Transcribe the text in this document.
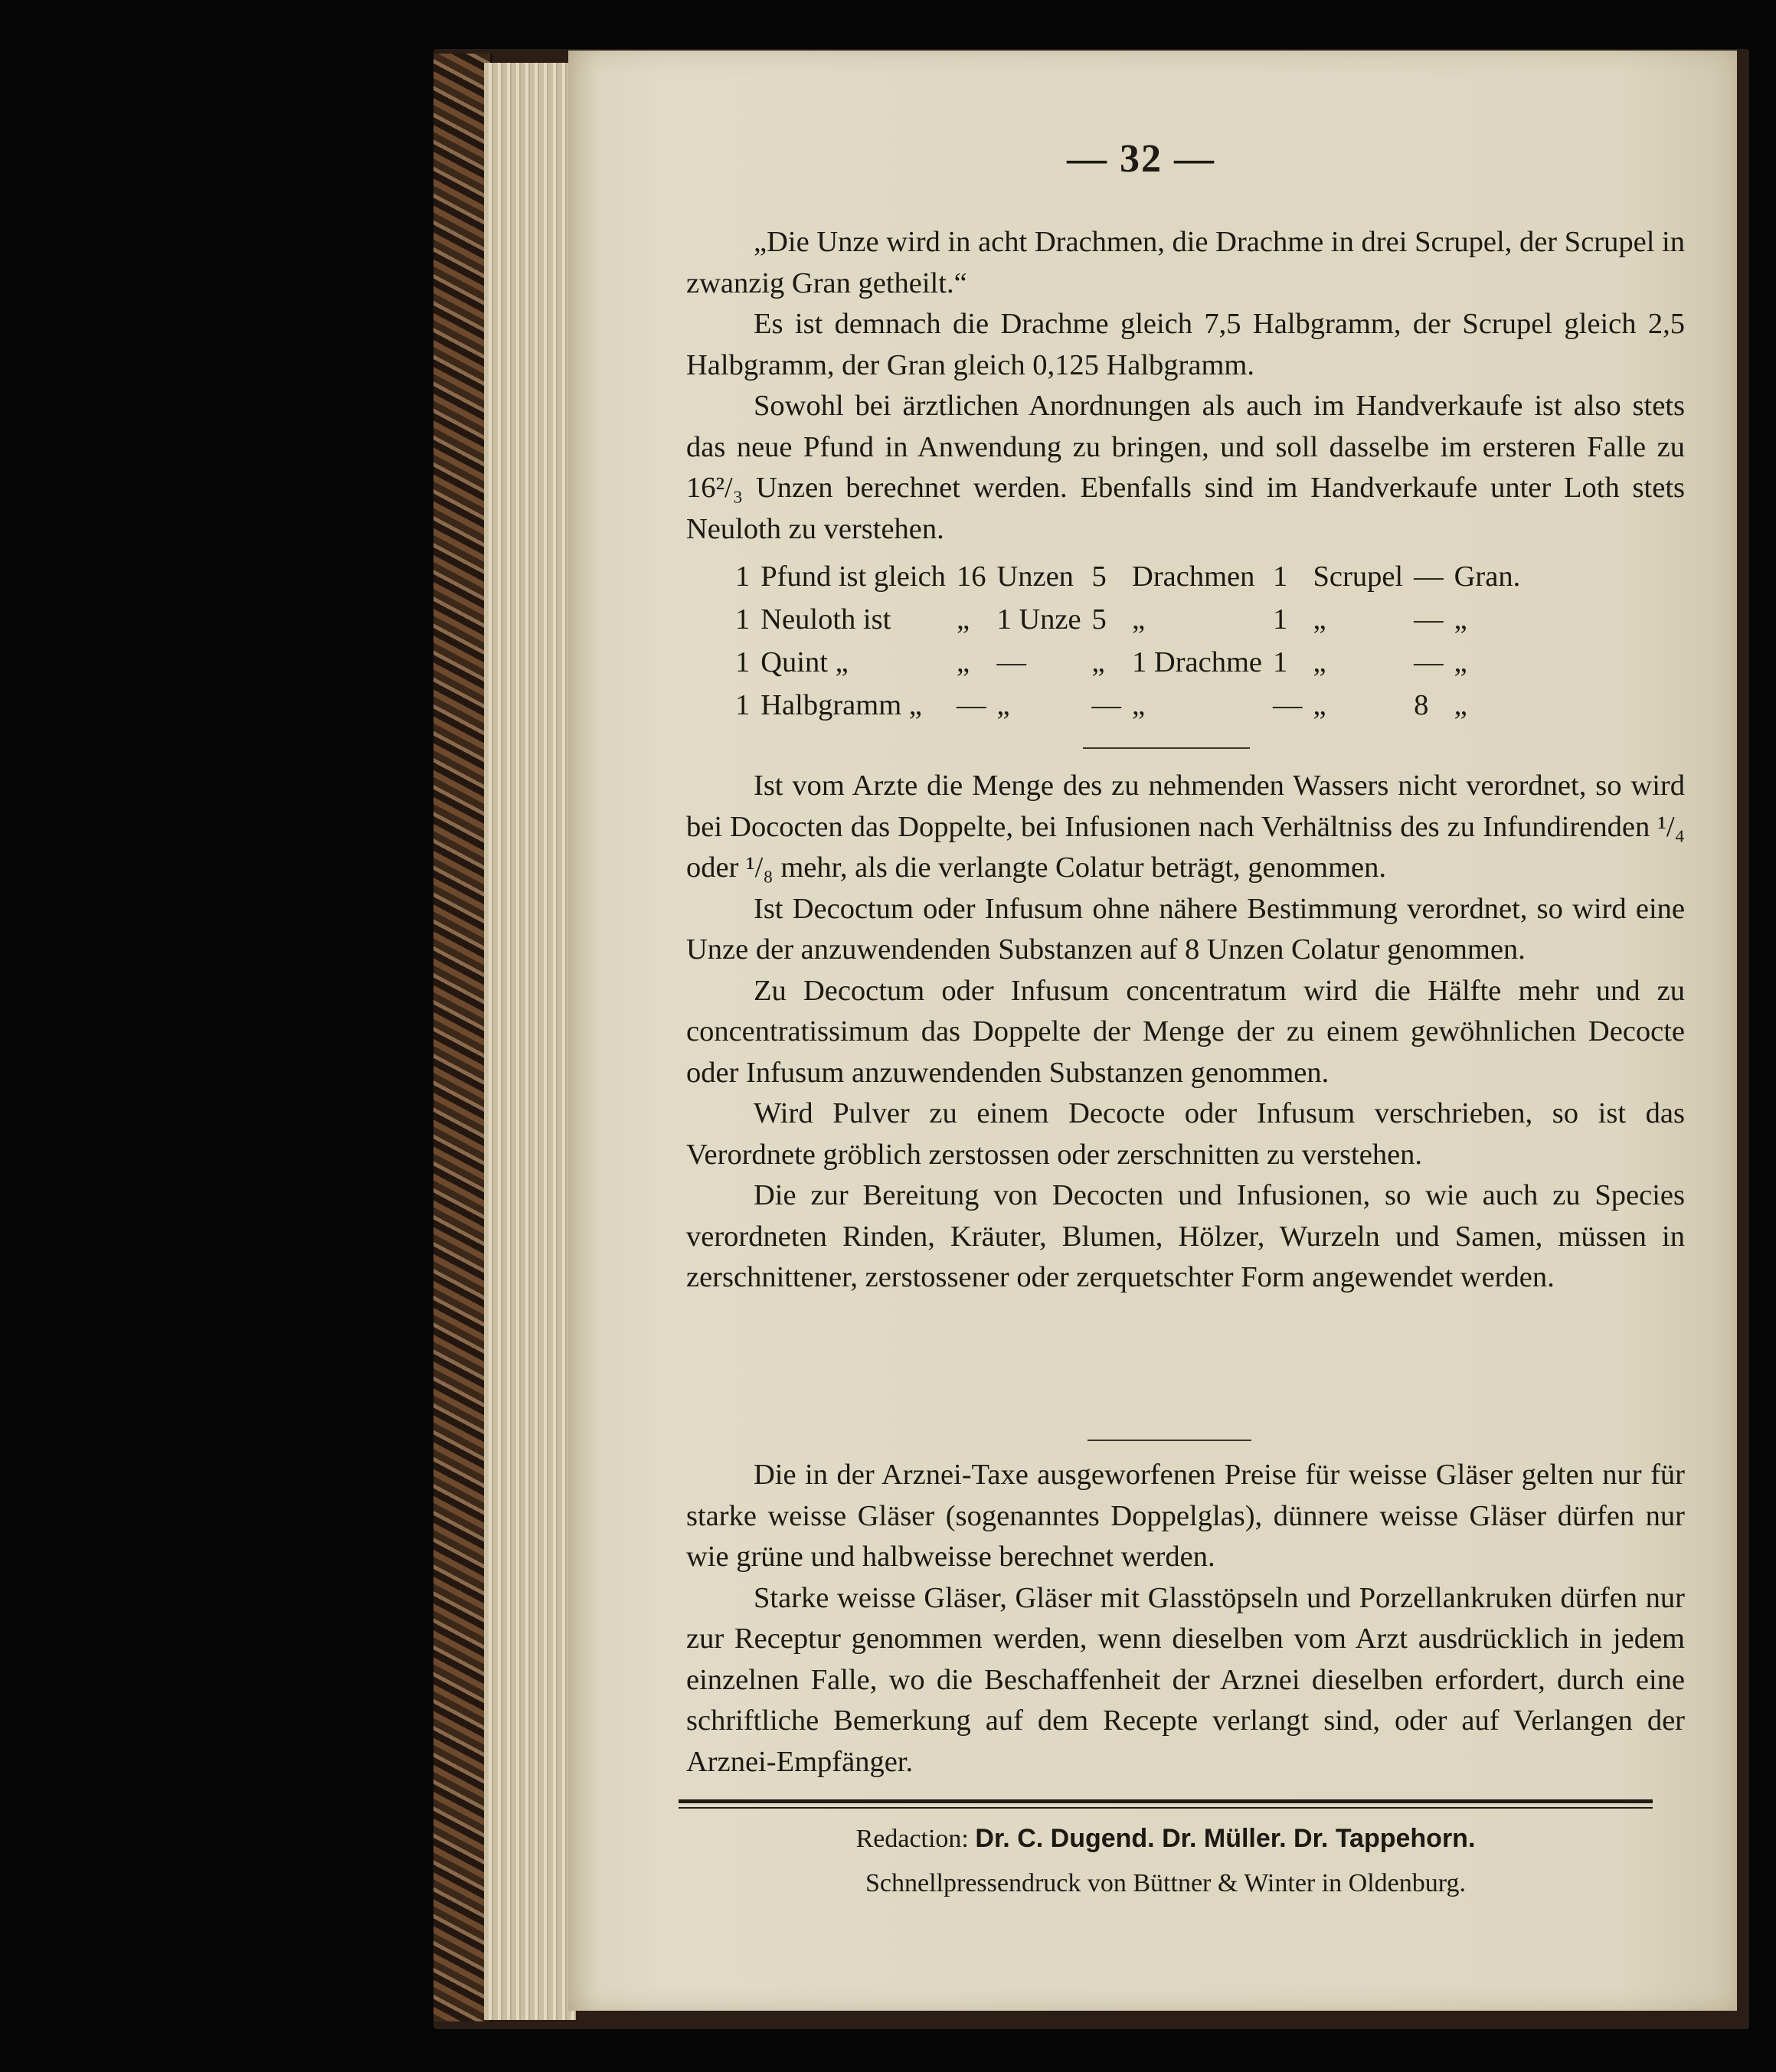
— 32 —

„Die Unze wird in acht Drachmen, die Drachme in drei Scrupel, der Scrupel in zwanzig Gran getheilt.“

Es ist demnach die Drachme gleich 7,5 Halbgramm, der Scrupel gleich 2,5 Halbgramm, der Gran gleich 0,125 Halbgramm.

Sowohl bei ärztlichen Anordnungen als auch im Handverkaufe ist also stets das neue Pfund in Anwendung zu bringen, und soll dasselbe im ersteren Falle zu 16²/₃ Unzen berechnet werden. Ebenfalls sind im Handverkaufe unter Loth stets Neuloth zu verstehen.

1	Pfund ist gleich	16	Unzen	5	Drachmen	1	Scrupel	—	Gran.
1	Neuloth ist	„	1 Unze	5	„	1	„	—	„
1	Quint „	„	—	„	1 Drachme	1	„	—	„
1	Halbgramm „	—	„	—	„	—	„	8	„

Ist vom Arzte die Menge des zu nehmenden Wassers nicht verordnet, so wird bei Dococten das Doppelte, bei Infusionen nach Verhältniss des zu Infundirenden ¹/₄ oder ¹/₈ mehr, als die verlangte Colatur beträgt, genommen.

Ist Decoctum oder Infusum ohne nähere Bestimmung verordnet, so wird eine Unze der anzuwendenden Substanzen auf 8 Unzen Colatur genommen.

Zu Decoctum oder Infusum concentratum wird die Hälfte mehr und zu concentratissimum das Doppelte der Menge der zu einem gewöhnlichen Decocte oder Infusum anzuwendenden Substanzen genommen.

Wird Pulver zu einem Decocte oder Infusum verschrieben, so ist das Verordnete gröblich zerstossen oder zerschnitten zu verstehen.

Die zur Bereitung von Decocten und Infusionen, so wie auch zu Species verordneten Rinden, Kräuter, Blumen, Hölzer, Wurzeln und Samen, müssen in zerschnittener, zerstossener oder zerquetschter Form angewendet werden.

Die in der Arznei-Taxe ausgeworfenen Preise für weisse Gläser gelten nur für starke weisse Gläser (sogenanntes Doppelglas), dünnere weisse Gläser dürfen nur wie grüne und halbweisse berechnet werden.

Starke weisse Gläser, Gläser mit Glasstöpseln und Porzellankruken dürfen nur zur Receptur genommen werden, wenn dieselben vom Arzt ausdrücklich in jedem einzelnen Falle, wo die Beschaffenheit der Arznei dieselben erfordert, durch eine schriftliche Bemerkung auf dem Recepte verlangt sind, oder auf Verlangen der Arznei-Empfänger.

Redaction: Dr. C. Dugend. Dr. Müller. Dr. Tappehorn.
Schnellpressendruck von Büttner & Winter in Oldenburg.
